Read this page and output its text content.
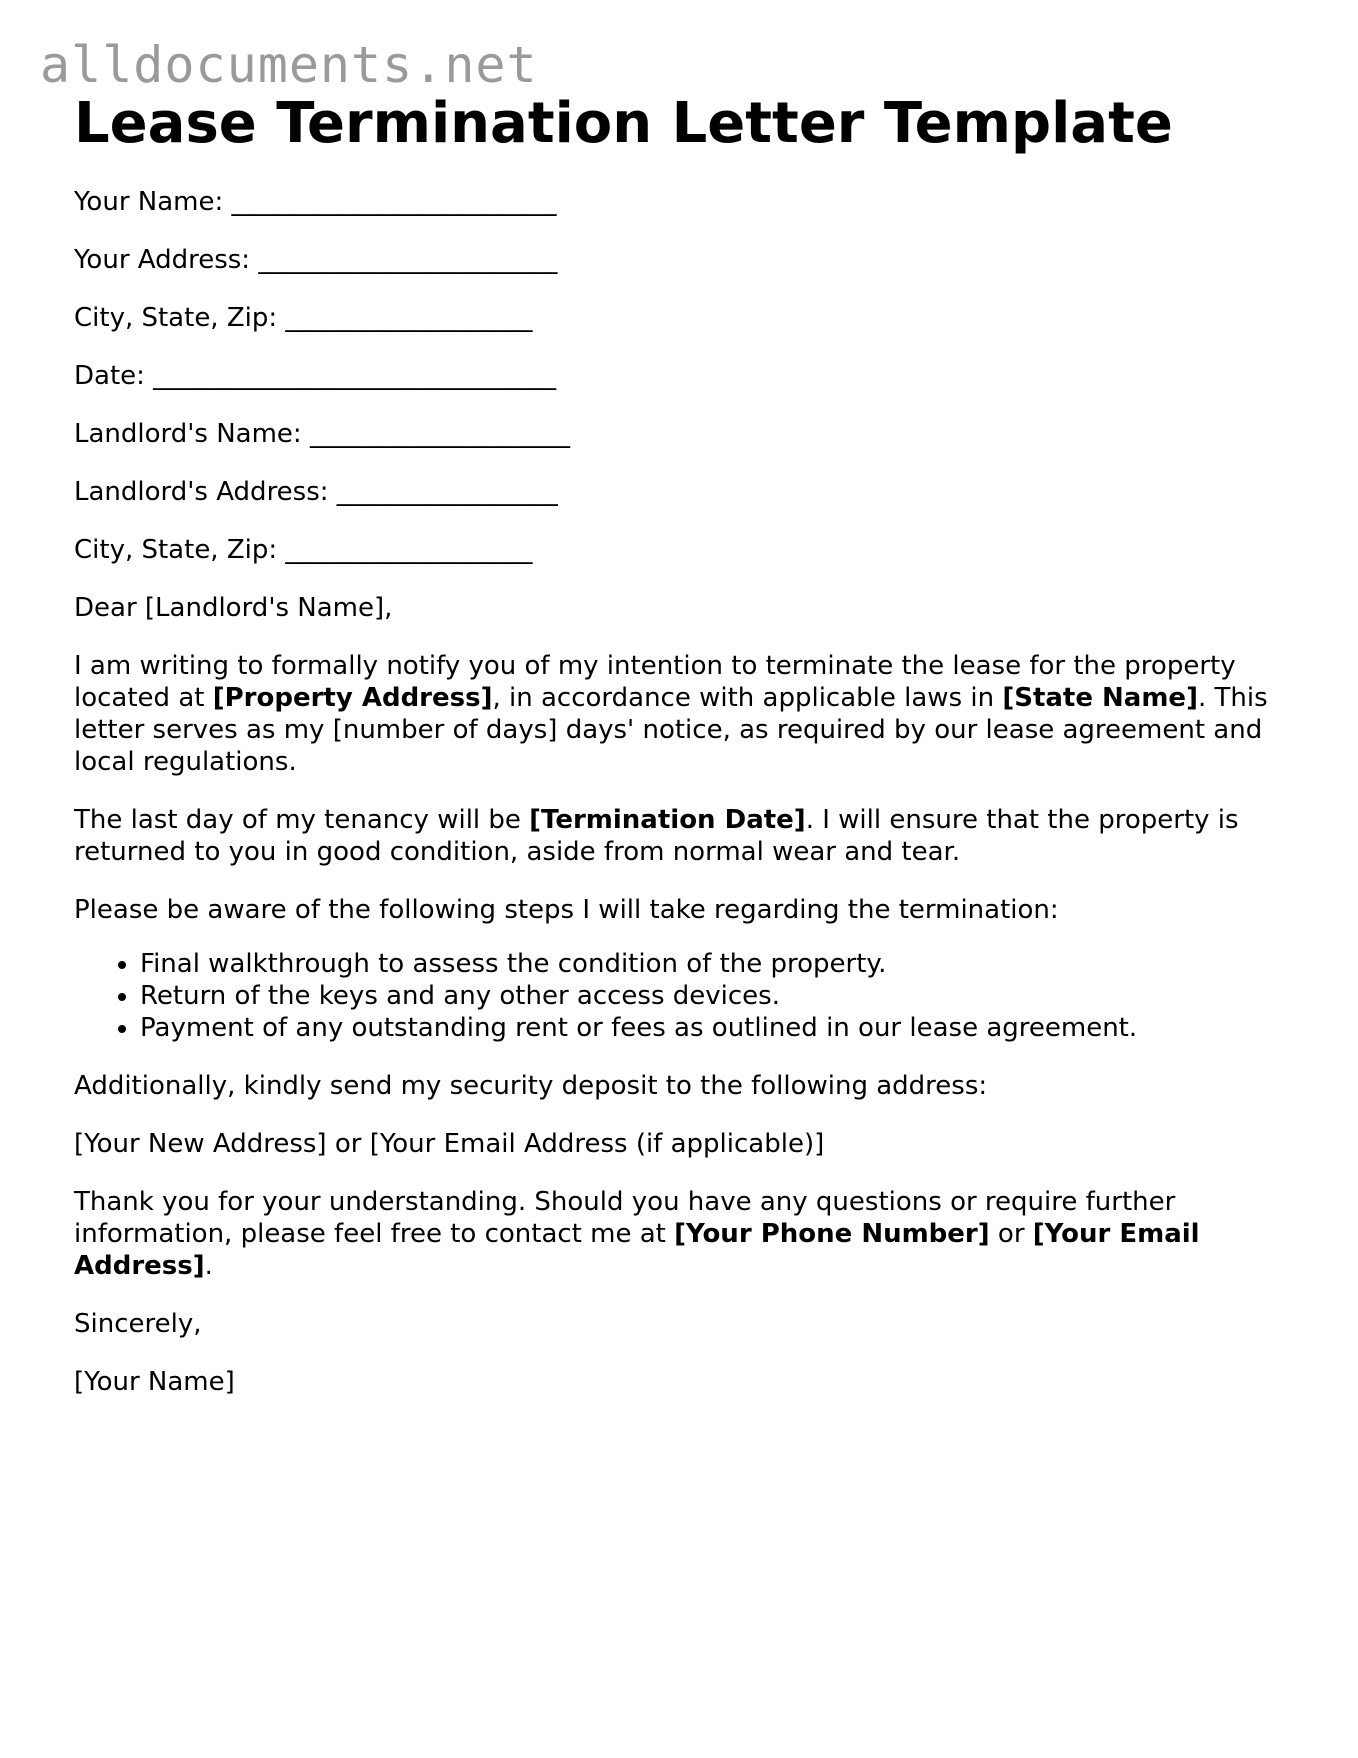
alldocuments.net
Lease Termination Letter Template
Your Name: _________________________
Your Address: _______________________
City, State, Zip: ___________________
Date: _______________________________
Landlord's Name: ____________________
Landlord's Address: _________________
City, State, Zip: ___________________

Dear [Landlord's Name],

I am writing to formally notify you of my intention to terminate the lease for the property located at [Property Address], in accordance with applicable laws in [State Name]. This letter serves as my [number of days] days' notice, as required by our lease agreement and local regulations.

The last day of my tenancy will be [Termination Date]. I will ensure that the property is returned to you in good condition, aside from normal wear and tear.

Please be aware of the following steps I will take regarding the termination:

• Final walkthrough to assess the condition of the property.
• Return of the keys and any other access devices.
• Payment of any outstanding rent or fees as outlined in our lease agreement.

Additionally, kindly send my security deposit to the following address:

[Your New Address] or [Your Email Address (if applicable)]

Thank you for your understanding. Should you have any questions or require further information, please feel free to contact me at [Your Phone Number] or [Your Email Address].

Sincerely,

[Your Name]
